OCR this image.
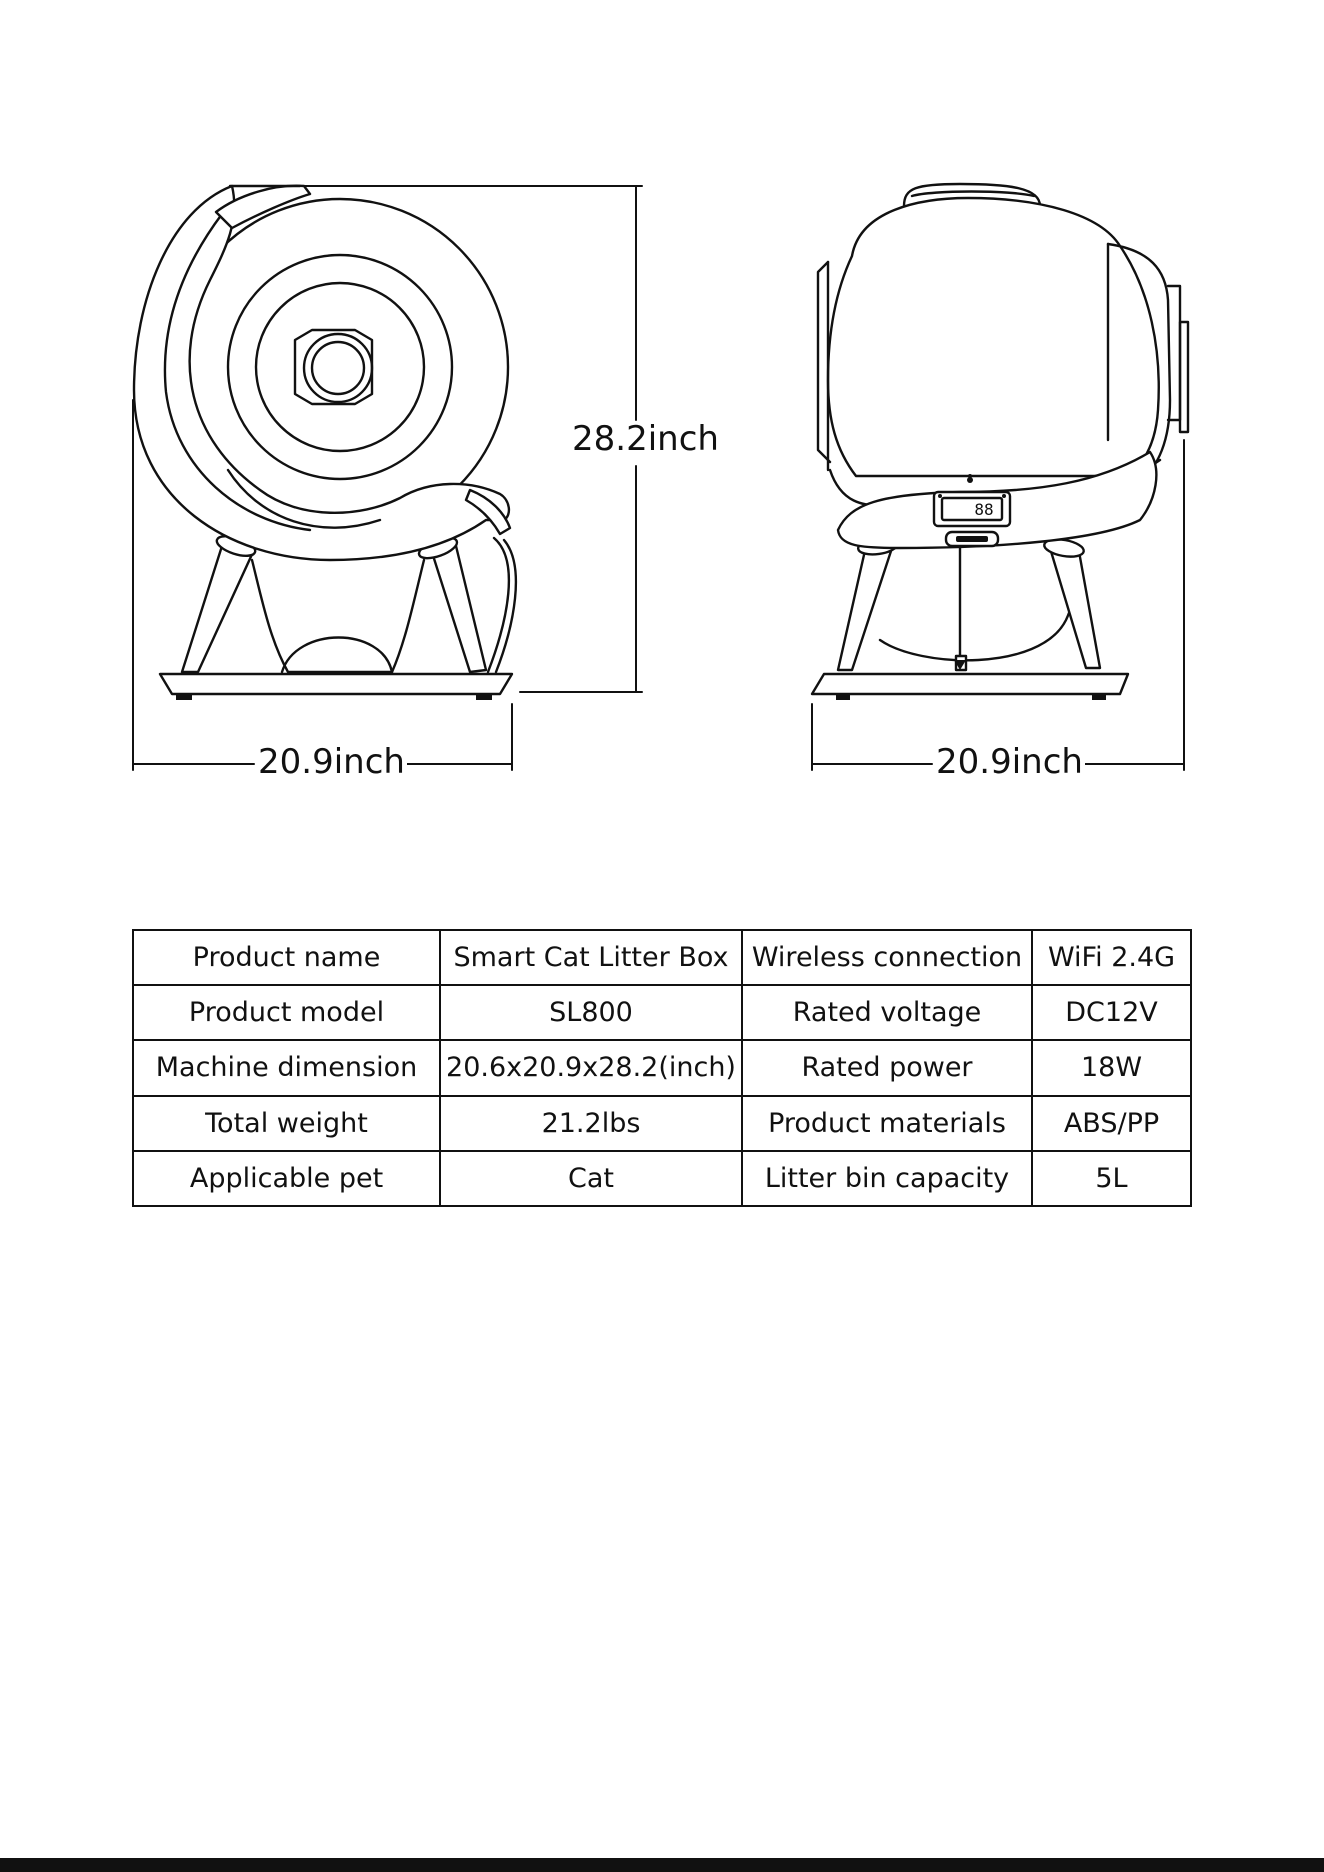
88
28.2inch
20.9inch	20.9inch
Product name	Smart Cat Litter Box	Wireless connection	WiFi 2.4G
Product model	SL800	Rated voltage	DC12V
Machine dimension	20.6x20.9x28.2(inch)	Rated power	18W
Total weight	21.2lbs	Product materials	ABS/PP
Applicable pet	Cat	Litter bin capacity	5L
